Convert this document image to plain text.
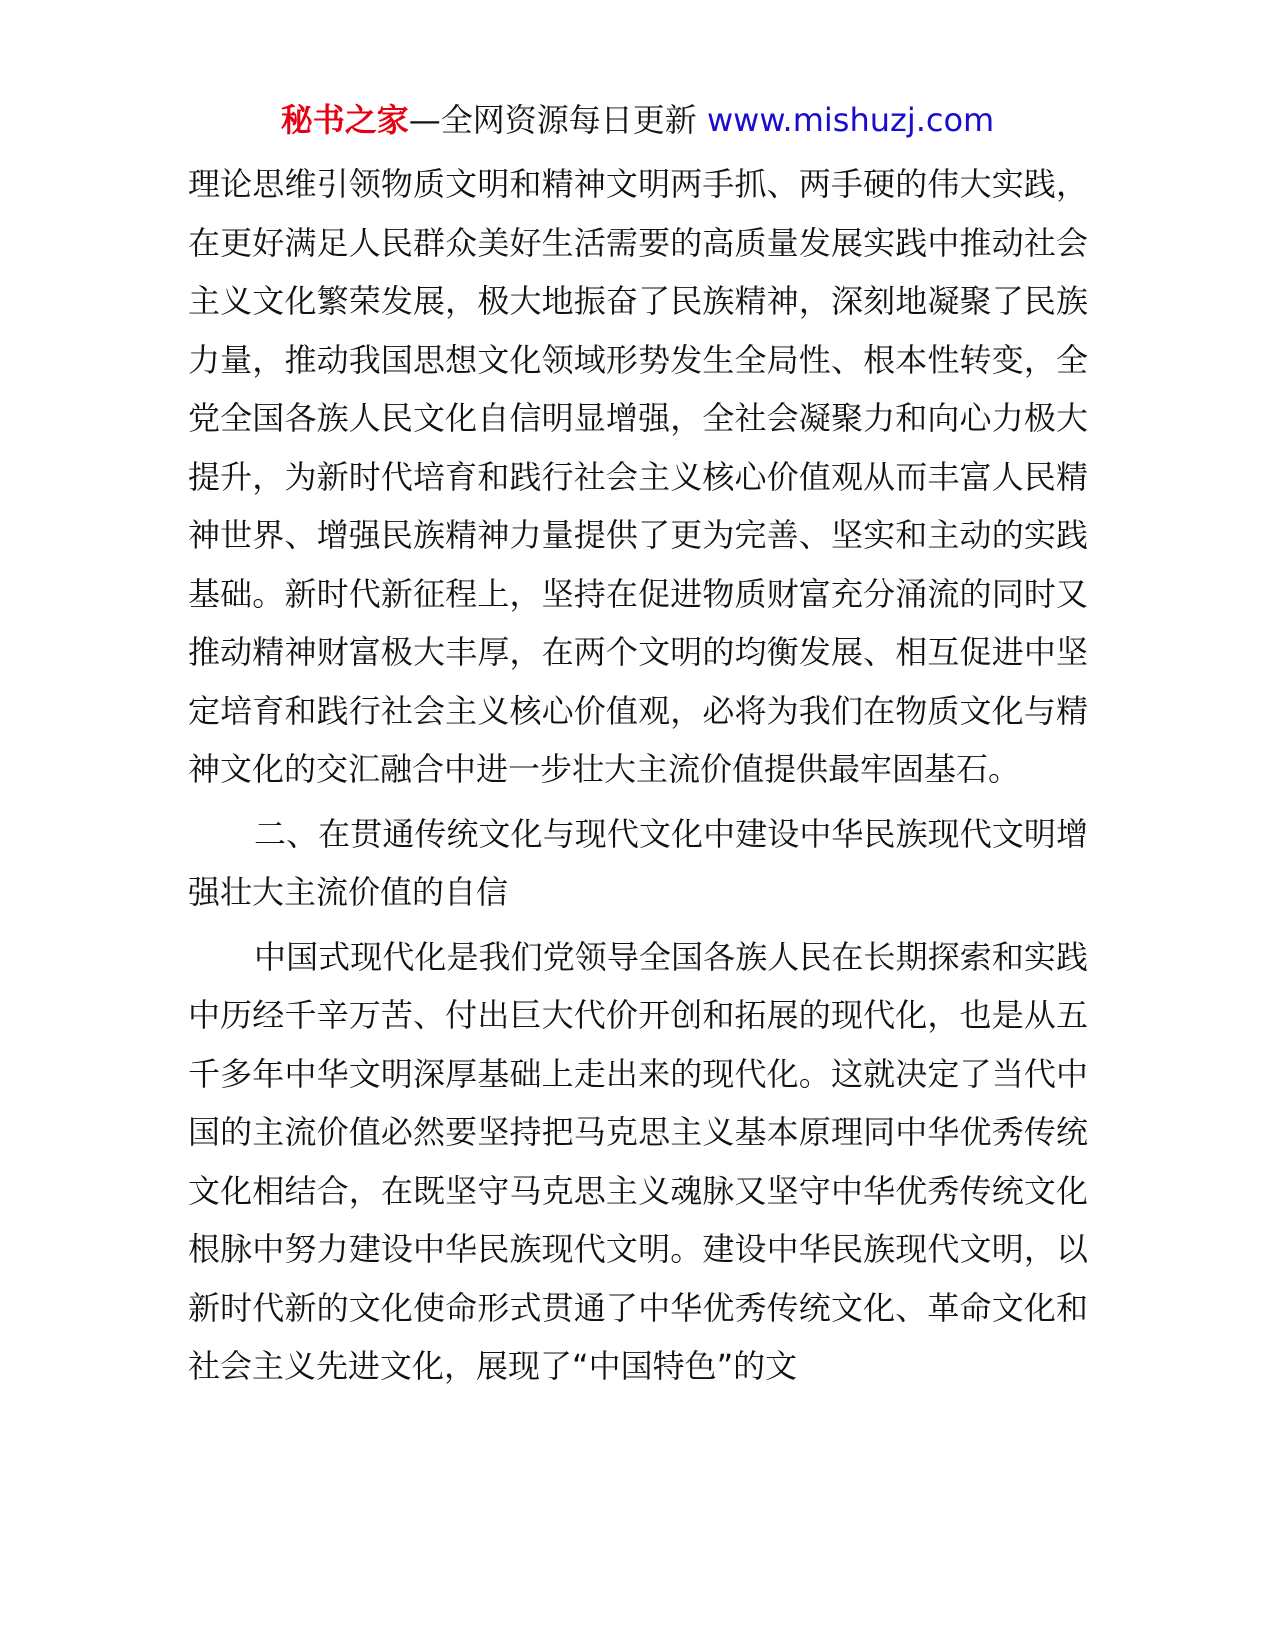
秘书之家—全网资源每日更新 www.mishuzj.com

理论思维引领物质文明和精神文明两手抓、两手硬的伟大实践，在更好满足人民群众美好生活需要的高质量发展实践中推动社会主义文化繁荣发展，极大地振奋了民族精神，深刻地凝聚了民族力量，推动我国思想文化领域形势发生全局性、根本性转变，全党全国各族人民文化自信明显增强，全社会凝聚力和向心力极大提升，为新时代培育和践行社会主义核心价值观从而丰富人民精神世界、增强民族精神力量提供了更为完善、坚实和主动的实践基础。新时代新征程上，坚持在促进物质财富充分涌流的同时又推动精神财富极大丰厚，在两个文明的均衡发展、相互促进中坚定培育和践行社会主义核心价值观，必将为我们在物质文化与精神文化的交汇融合中进一步壮大主流价值提供最牢固基石。

二、在贯通传统文化与现代文化中建设中华民族现代文明增强壮大主流价值的自信

中国式现代化是我们党领导全国各族人民在长期探索和实践中历经千辛万苦、付出巨大代价开创和拓展的现代化，也是从五千多年中华文明深厚基础上走出来的现代化。这就决定了当代中国的主流价值必然要坚持把马克思主义基本原理同中华优秀传统文化相结合，在既坚守马克思主义魂脉又坚守中华优秀传统文化根脉中努力建设中华民族现代文明。建设中华民族现代文明，以新时代新的文化使命形式贯通了中华优秀传统文化、革命文化和社会主义先进文化，展现了“中国特色”的文
